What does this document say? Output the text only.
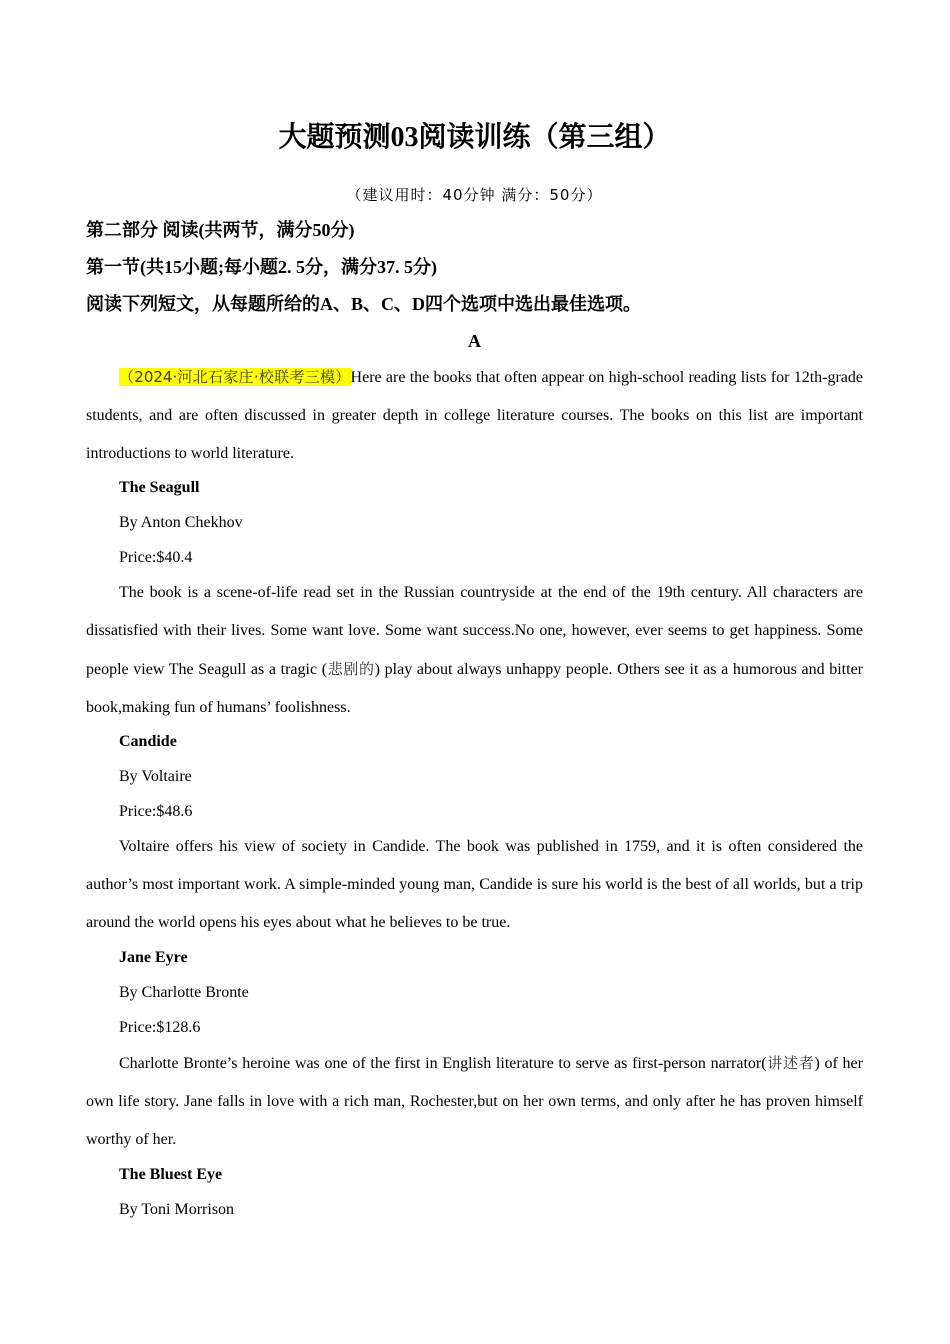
大题预测03阅读训练（第三组）
（建议用时：40分钟 满分：50分）
第二部分 阅读(共两节，满分50分)
第一节(共15小题;每小题2. 5分，满分37. 5分)
阅读下列短文，从每题所给的A、B、C、D四个选项中选出最佳选项。
A

（2024·河北石家庄·校联考三模）Here are the books that often appear on high-school reading lists for 12th-grade students, and are often discussed in greater depth in college literature courses. The books on this list are important introductions to world literature.

The Seagull
By Anton Chekhov
Price:$40.4

The book is a scene-of-life read set in the Russian countryside at the end of the 19th century. All characters are dissatisfied with their lives. Some want love. Some want success.No one, however, ever seems to get happiness. Some people view The Seagull as a tragic (悲剧的) play about always unhappy people. Others see it as a humorous and bitter book,making fun of humans’ foolishness.

Candide
By Voltaire
Price:$48.6

Voltaire offers his view of society in Candide. The book was published in 1759, and it is often considered the author’s most important work. A simple-minded young man, Candide is sure his world is the best of all worlds, but a trip around the world opens his eyes about what he believes to be true.

Jane Eyre
By Charlotte Bronte
Price:$128.6

Charlotte Bronte’s heroine was one of the first in English literature to serve as first-person narrator(讲述者) of her own life story. Jane falls in love with a rich man, Rochester,but on her own terms, and only after he has proven himself worthy of her.

The Bluest Eye
By Toni Morrison
